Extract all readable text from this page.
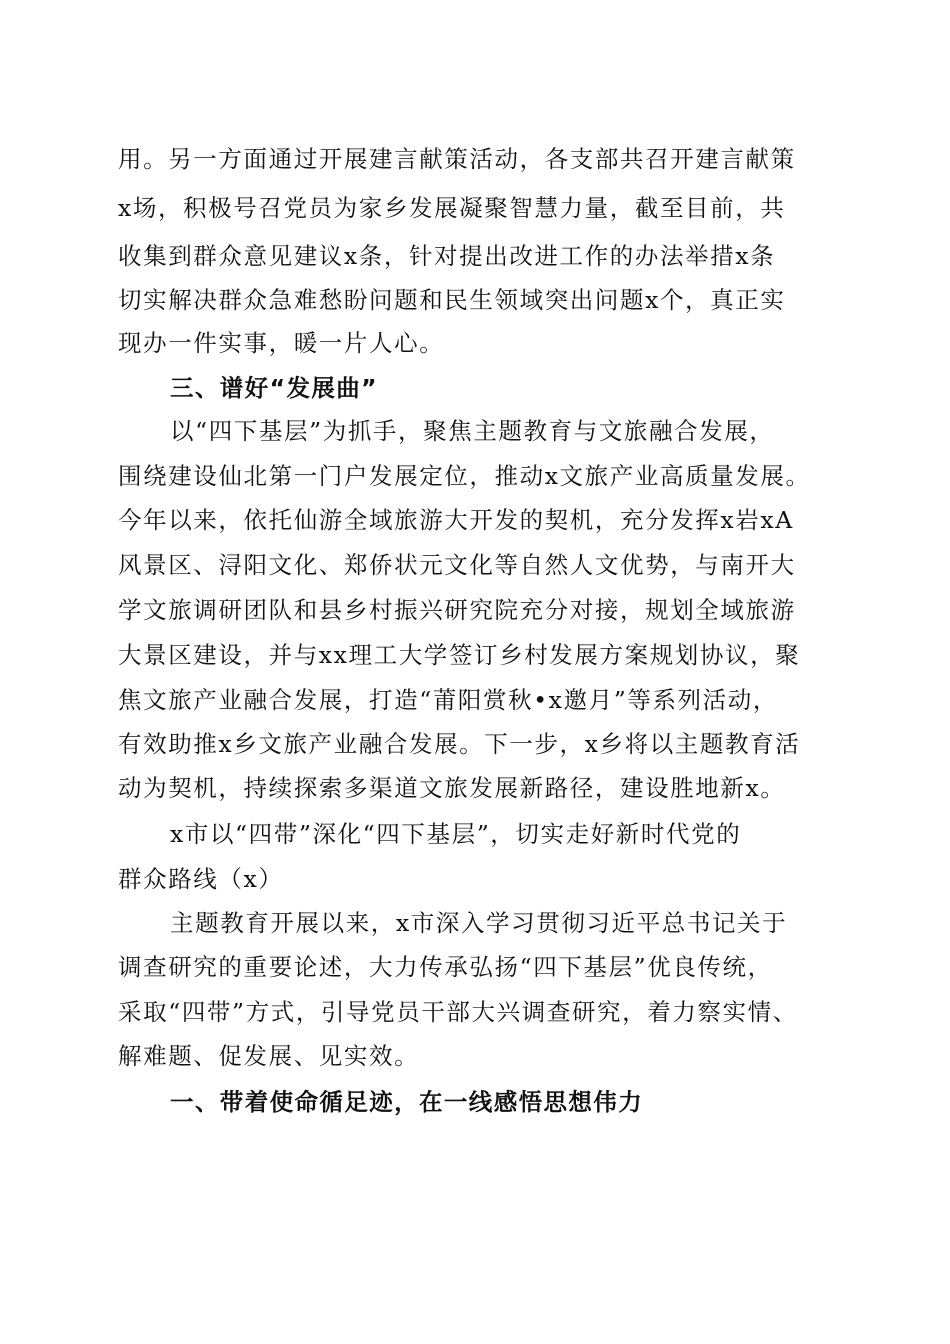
用。另一方面通过开展建言献策活动，各支部共召开建言献策
x场，积极号召党员为家乡发展凝聚智慧力量，截至目前，共
收集到群众意见建议x条，针对提出改进工作的办法举措x条
切实解决群众急难愁盼问题和民生领域突出问题x个，真正实
现办一件实事，暖一片人心。
三、谱好“发展曲”
以“四下基层”为抓手，聚焦主题教育与文旅融合发展，
围绕建设仙北第一门户发展定位，推动x文旅产业高质量发展。
今年以来，依托仙游全域旅游大开发的契机，充分发挥x岩xA
风景区、浔阳文化、郑侨状元文化等自然人文优势，与南开大
学文旅调研团队和县乡村振兴研究院充分对接，规划全域旅游
大景区建设，并与xx理工大学签订乡村发展方案规划协议，聚
焦文旅产业融合发展，打造“莆阳赏秋•x邀月”等系列活动，
有效助推x乡文旅产业融合发展。下一步，x乡将以主题教育活
动为契机，持续探索多渠道文旅发展新路径，建设胜地新x。
x市以“四带”深化“四下基层”，切实走好新时代党的
群众路线（x）
主题教育开展以来，x市深入学习贯彻习近平总书记关于
调查研究的重要论述，大力传承弘扬“四下基层”优良传统，
采取“四带”方式，引导党员干部大兴调查研究，着力察实情、
解难题、促发展、见实效。
一、带着使命循足迹，在一线感悟思想伟力
